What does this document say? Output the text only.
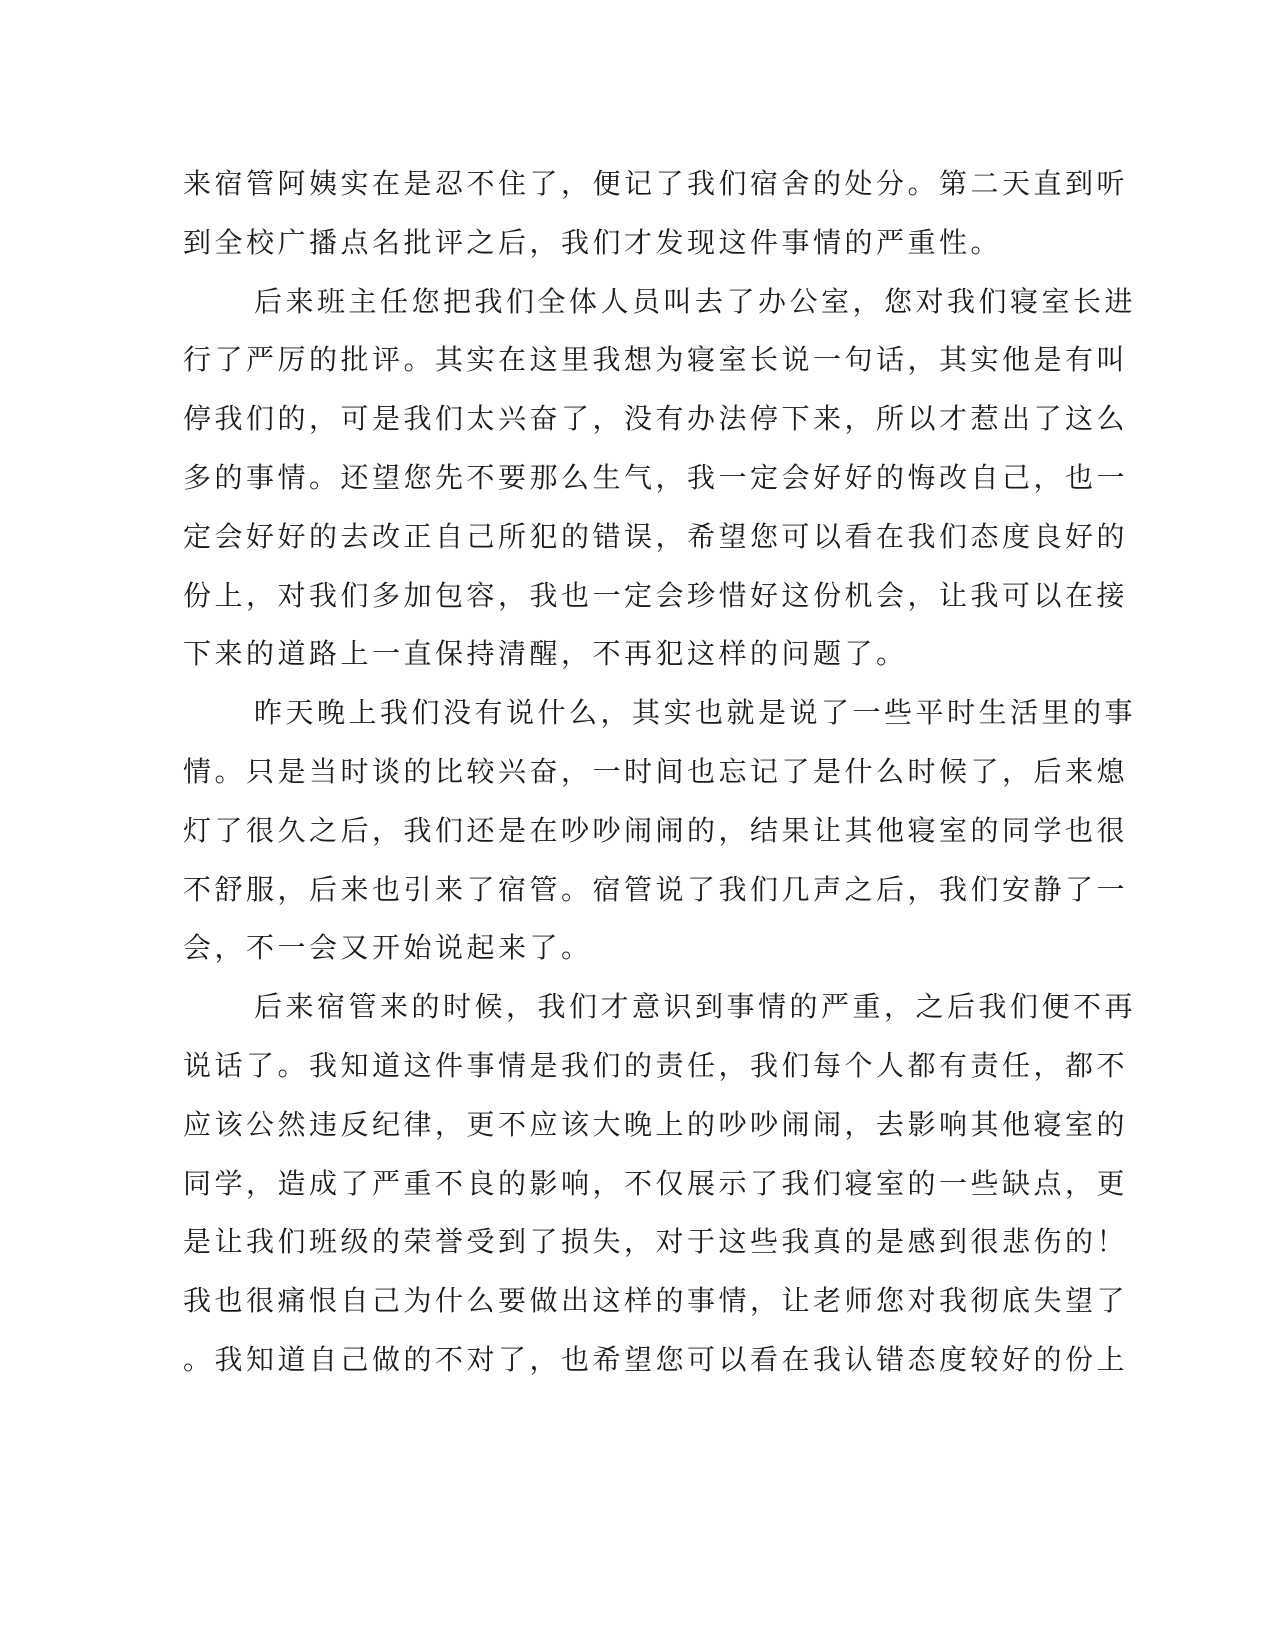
来宿管阿姨实在是忍不住了，便记了我们宿舍的处分。第二天直到听
到全校广播点名批评之后，我们才发现这件事情的严重性。
后来班主任您把我们全体人员叫去了办公室，您对我们寝室长进
行了严厉的批评。其实在这里我想为寝室长说一句话，其实他是有叫
停我们的，可是我们太兴奋了，没有办法停下来，所以才惹出了这么
多的事情。还望您先不要那么生气，我一定会好好的悔改自己，也一
定会好好的去改正自己所犯的错误，希望您可以看在我们态度良好的
份上，对我们多加包容，我也一定会珍惜好这份机会，让我可以在接
下来的道路上一直保持清醒，不再犯这样的问题了。
昨天晚上我们没有说什么，其实也就是说了一些平时生活里的事
情。只是当时谈的比较兴奋，一时间也忘记了是什么时候了，后来熄
灯了很久之后，我们还是在吵吵闹闹的，结果让其他寝室的同学也很
不舒服，后来也引来了宿管。宿管说了我们几声之后，我们安静了一
会，不一会又开始说起来了。
后来宿管来的时候，我们才意识到事情的严重，之后我们便不再
说话了。我知道这件事情是我们的责任，我们每个人都有责任，都不
应该公然违反纪律，更不应该大晚上的吵吵闹闹，去影响其他寝室的
同学，造成了严重不良的影响，不仅展示了我们寝室的一些缺点，更
是让我们班级的荣誉受到了损失，对于这些我真的是感到很悲伤的！
我也很痛恨自己为什么要做出这样的事情，让老师您对我彻底失望了
。我知道自己做的不对了，也希望您可以看在我认错态度较好的份上
